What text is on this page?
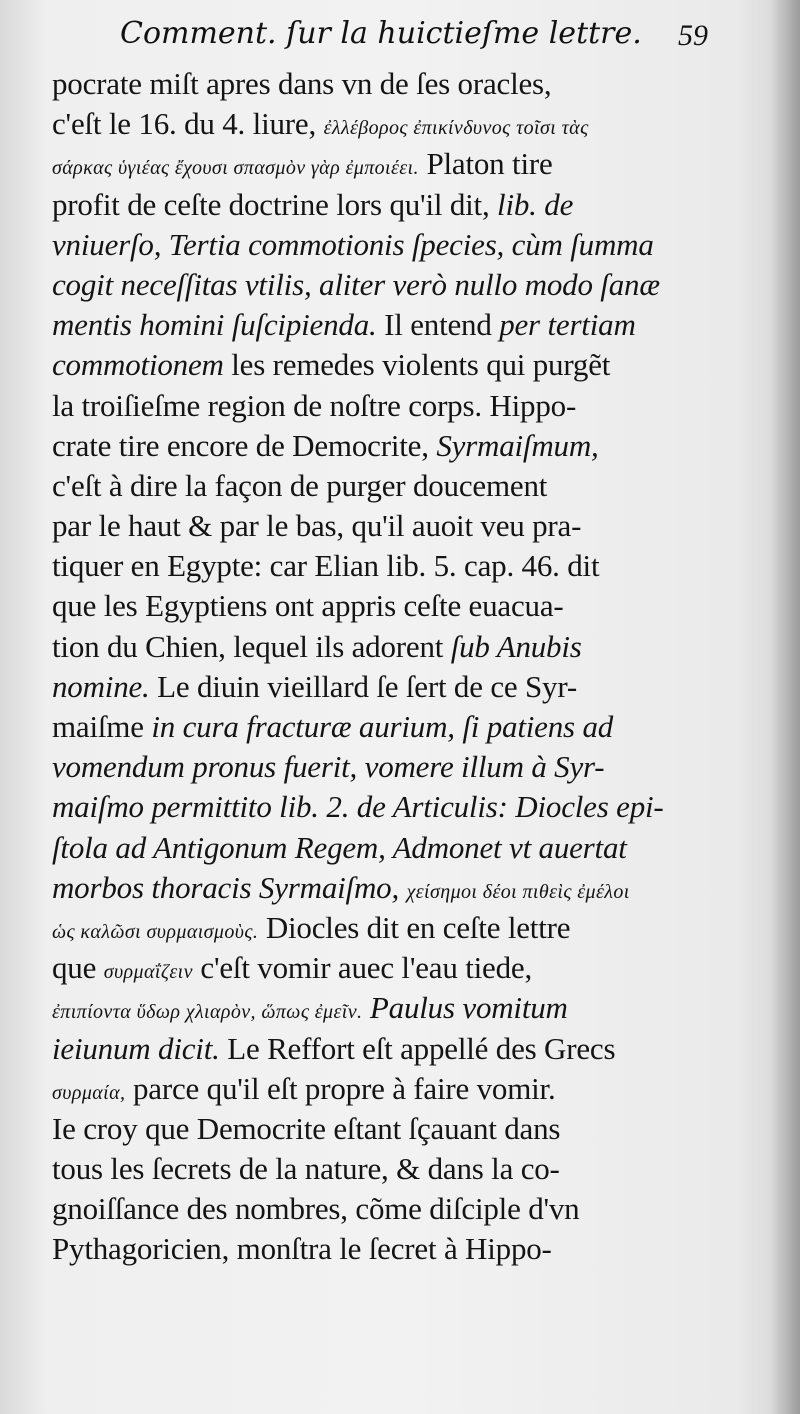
Comment. ſur la huictieſme lettre.	59
pocrate miſt apres dans vn de ſes oracles,
c'eſt le 16. du 4. liure, ἐλλέβορος ἐπικίνδυνος τοῖσι τὰς
σάρκας ὑγιέας ἔχουσι σπασμὸν γὰρ ἐμποιέει. Platon tire
profit de ceſte doctrine lors qu'il dit, lib. de
vniuerſo, Tertia commotionis ſpecies, cùm ſumma
cogit neceſſitas vtilis, aliter verò nullo modo ſanæ
mentis homini ſuſcipienda. Il entend per tertiam
commotionem les remedes violents qui purgẽt
la troiſieſme region de noſtre corps. Hippo-
crate tire encore de Democrite, Syrmaiſmum,
c'eſt à dire la façon de purger doucement
par le haut & par le bas, qu'il auoit veu pra-
tiquer en Egypte: car Elian lib. 5. cap. 46. dit
que les Egyptiens ont appris ceſte euacua-
tion du Chien, lequel ils adorent ſub Anubis
nomine. Le diuin vieillard ſe ſert de ce Syr-
maiſme in cura fracturæ aurium, ſi patiens ad
vomendum pronus fuerit, vomere illum à Syr-
maiſmo permittito lib. 2. de Articulis: Diocles epi-
ſtola ad Antigonum Regem, Admonet vt auertat
morbos thoracis Syrmaiſmo, χείσημοι δέοι πιθεὶς ἐμέλοι
ὡς καλῶσι συρμαισμοὺς. Diocles dit en ceſte lettre
que συρμαΐζειν c'eſt vomir auec l'eau tiede,
ἐπιπίοντα ὕδωρ χλιαρὸν, ὥπως ἐμεῖν. Paulus vomitum
ieiunum dicit. Le Reffort eſt appellé des Grecs
συρμαία, parce qu'il eſt propre à faire vomir.
Ie croy que Democrite eſtant ſçauant dans
tous les ſecrets de la nature, & dans la co-
gnoiſſance des nombres, cõme diſciple d'vn
Pythagoricien, monſtra le ſecret à Hippo-
